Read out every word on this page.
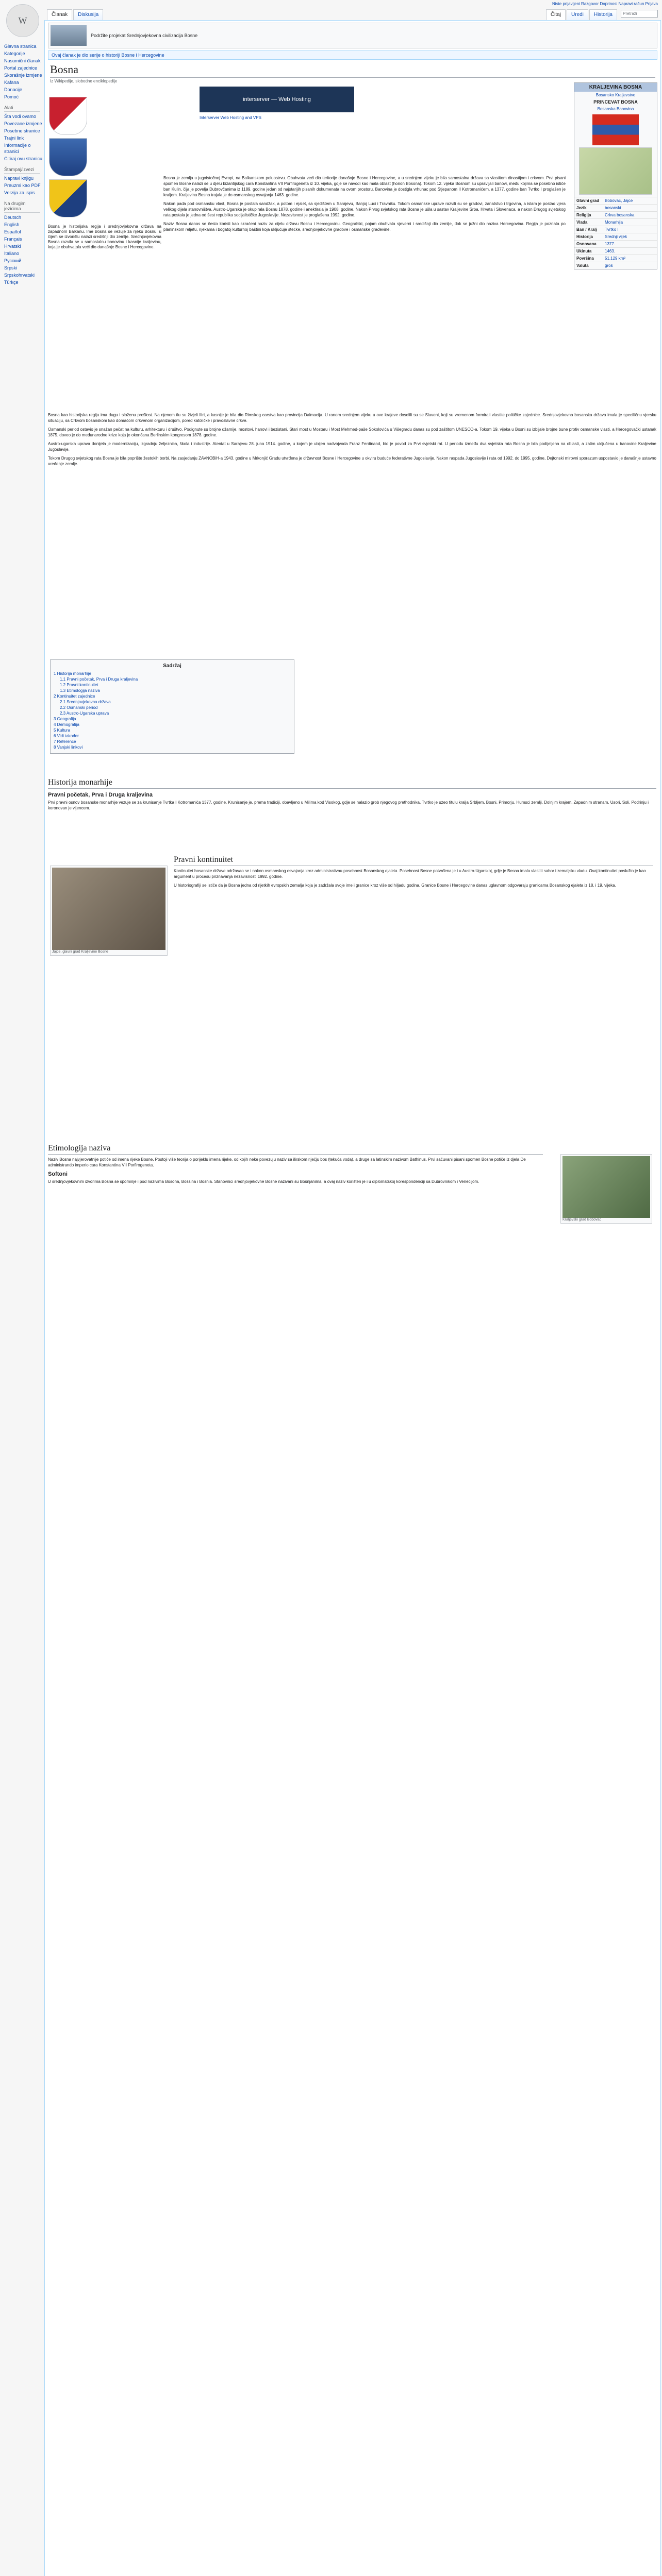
W
Glavna stranica
Kategorije
Nasumični članak
Portal zajednice
Skorašnje izmjene
Kafana
Donacije
Pomoć
Alati
Šta vodi ovamo
Povezane izmjene
Posebne stranice
Trajni link
Informacije o stranici
Citiraj ovu stranicu
Štampaj/izvezi
Napravi knjigu
Preuzmi kao PDF
Verzija za ispis
Na drugim jezicima
Deutsch
English
Español
Français
Hrvatski
Italiano
Русский
Srpski
Srpskohrvatski
Türkçe
Niste prijavljeni Razgovor Doprinosi Napravi račun Prijava
Članak	Diskusija	Čitaj	Uredi	Historija	Pretraži
Podržite projekat Srednjovjekovna civilizacija Bosne
Ovaj članak je dio serije o historiji Bosne i Hercegovine
Bosna
Iz Wikipedije, slobodne enciklopedije
interserver — Web Hosting
Interserver Web Hosting and VPS
Bosna je historijska regija i srednjovjekovna država na zapadnom Balkanu. Ime Bosna se vezuje za rijeku Bosnu, u čijem se izvorištu nalazi središnji dio zemlje. Srednjovjekovna Bosna razvila se u samostalnu banovinu i kasnije kraljevinu, koja je obuhvatala veći dio današnje Bosne i Hercegovine.
KRALJEVINA BOSNA
Bosansko Kraljevstvo
PRINCEVAT BOSNA
Bosanska Banovina
Glavni grad	Bobovac, Jajce
Jezik	bosanski
Religija	Crkva bosanska
Vlada	Monarhija
Ban / Kralj	Tvrtko I
Historija	Srednji vijek
Osnovana	1377.
Ukinuta	1463.
Površina	51.129 km²
Valuta	groš

Bosna je zemlja u jugoistočnoj Evropi, na Balkanskom poluostrvu. Obuhvata veći dio teritorije današnje Bosne i Hercegovine, a u srednjem vijeku je bila samostalna država sa vlastitom dinastijom i crkvom. Prvi pisani spomen Bosne nalazi se u djelu bizantijskog cara Konstantina VII Porfirogeneta iz 10. vijeka, gdje se navodi kao mala oblast (horion Bosona). Tokom 12. vijeka Bosnom su upravljali banovi, među kojima se posebno ističe ban Kulin, čija je povelja Dubrovčanima iz 1189. godine jedan od najstarijih pisanih dokumenata na ovom prostoru. Banovina je dostigla vrhunac pod Stjepanom II Kotromanićem, a 1377. godine ban Tvrtko I proglašen je kraljem. Kraljevina Bosna trajala je do osmanskog osvajanja 1463. godine.

Nakon pada pod osmansku vlast, Bosna je postala sandžak, a potom i ejalet, sa sjedištem u Sarajevu, Banjoj Luci i Travniku. Tokom osmanske uprave razvili su se gradovi, zanatstvo i trgovina, a islam je postao vjera velikog dijela stanovništva. Austro-Ugarska je okupirala Bosnu 1878. godine i anektirala je 1908. godine. Nakon Prvog svjetskog rata Bosna je ušla u sastav Kraljevine Srba, Hrvata i Slovenaca, a nakon Drugog svjetskog rata postala je jedna od šest republika socijalističke Jugoslavije. Nezavisnost je proglašena 1992. godine.

Naziv Bosna danas se često koristi kao skraćeni naziv za cijelu državu Bosnu i Hercegovinu. Geografski, pojam obuhvata sjeverni i središnji dio zemlje, dok se južni dio naziva Hercegovina. Regija je poznata po planinskom reljefu, rijekama i bogatoj kulturnoj baštini koja uključuje stećke, srednjovjekovne gradove i osmanske građevine.

Bosna kao historijska regija ima dugu i složenu prošlost. Na njenom tlu su živjeli Iliri, a kasnije je bila dio Rimskog carstva kao provincija Dalmacija. U ranom srednjem vijeku u ove krajeve doselili su se Slaveni, koji su vremenom formirali vlastite političke zajednice. Srednjovjekovna bosanska država imala je specifičnu vjersku situaciju, sa Crkvom bosanskom kao domaćom crkvenom organizacijom, pored katoličke i pravoslavne crkve.

Osmanski period ostavio je snažan pečat na kulturu, arhitekturu i društvo. Podignute su brojne džamije, mostovi, hanovi i bezistani. Stari most u Mostaru i Most Mehmed-paše Sokolovića u Višegradu danas su pod zaštitom UNESCO-a. Tokom 19. vijeka u Bosni su izbijale brojne bune protiv osmanske vlasti, a Hercegovački ustanak 1875. doveo je do međunarodne krize koja je okončana Berlinskim kongresom 1878. godine.

Austro-ugarska uprava donijela je modernizaciju, izgradnju željeznica, škola i industrije. Atentat u Sarajevu 28. juna 1914. godine, u kojem je ubijen nadvojvoda Franz Ferdinand, bio je povod za Prvi svjetski rat. U periodu između dva svjetska rata Bosna je bila podijeljena na oblasti, a zatim uključena u banovine Kraljevine Jugoslavije.

Tokom Drugog svjetskog rata Bosna je bila poprište žestokih borbi. Na zasjedanju ZAVNOBiH-a 1943. godine u Mrkonjić Gradu utvrđena je državnost Bosne i Hercegovine u okviru buduće federativne Jugoslavije. Nakon raspada Jugoslavije i rata od 1992. do 1995. godine, Dejtonski mirovni sporazum uspostavio je današnje ustavno uređenje zemlje.

Sadržaj
1 Historija monarhije
1.1 Pravni početak, Prva i Druga kraljevina
1.2 Pravni kontinuitet
1.3 Etimologija naziva
2 Kontinuitet zajednice
2.1 Srednjovjekovna država
2.2 Osmanski period
2.3 Austro-Ugarska uprava
3 Geografija
4 Demografija
5 Kultura
6 Vidi također
7 Reference
8 Vanjski linkovi
Historija monarhije
Pravni početak, Prva i Druga kraljevina

Prvi pravni osnov bosanske monarhije vezuje se za krunisanje Tvrtka I Kotromanića 1377. godine. Krunisanje je, prema tradiciji, obavljeno u Milima kod Visokog, gdje se nalazio grob njegovog prethodnika. Tvrtko je uzeo titulu kralja Srbljem, Bosni, Primorju, Humsci zemlji, Dolnjim krajem, Zapadnim stranam, Usori, Soli, Podrinju i koronovan je vijencem.

Jajce, glavni grad Kraljevine Bosne
Pravni kontinuitet

Kontinuitet bosanske države održavao se i nakon osmanskog osvajanja kroz administrativnu posebnost Bosanskog ejaleta. Posebnost Bosne potvrđena je i u Austro-Ugarskoj, gdje je Bosna imala vlastiti sabor i zemaljsku vladu. Ovaj kontinuitet poslužio je kao argument u procesu priznavanja nezavisnosti 1992. godine.

U historiografiji se ističe da je Bosna jedna od rijetkih evropskih zemalja koja je zadržala svoje ime i granice kroz više od hiljadu godina. Granice Bosne i Hercegovine danas uglavnom odgovaraju granicama Bosanskog ejaleta iz 18. i 19. vijeka.

Kraljevski grad Bobovac
Etimologija naziva

Naziv Bosna najvjerovatnije potiče od imena rijeke Bosne. Postoji više teorija o porijeklu imena rijeke, od kojih neke povezuju naziv sa ilirskom riječju bos (tekuća voda), a druge sa latinskim nazivom Bathinus. Prvi sačuvani pisani spomen Bosne potiče iz djela De administrando imperio cara Konstantina VII Porfirogeneta.

Softoni

U srednjovjekovnim izvorima Bosna se spominje i pod nazivima Bosona, Bossina i Bosnia. Stanovnici srednjovjekovne Bosne nazivani su Bošnjanima, a ovaj naziv korišten je i u diplomatskoj korespondenciji sa Dubrovnikom i Venecijom.
